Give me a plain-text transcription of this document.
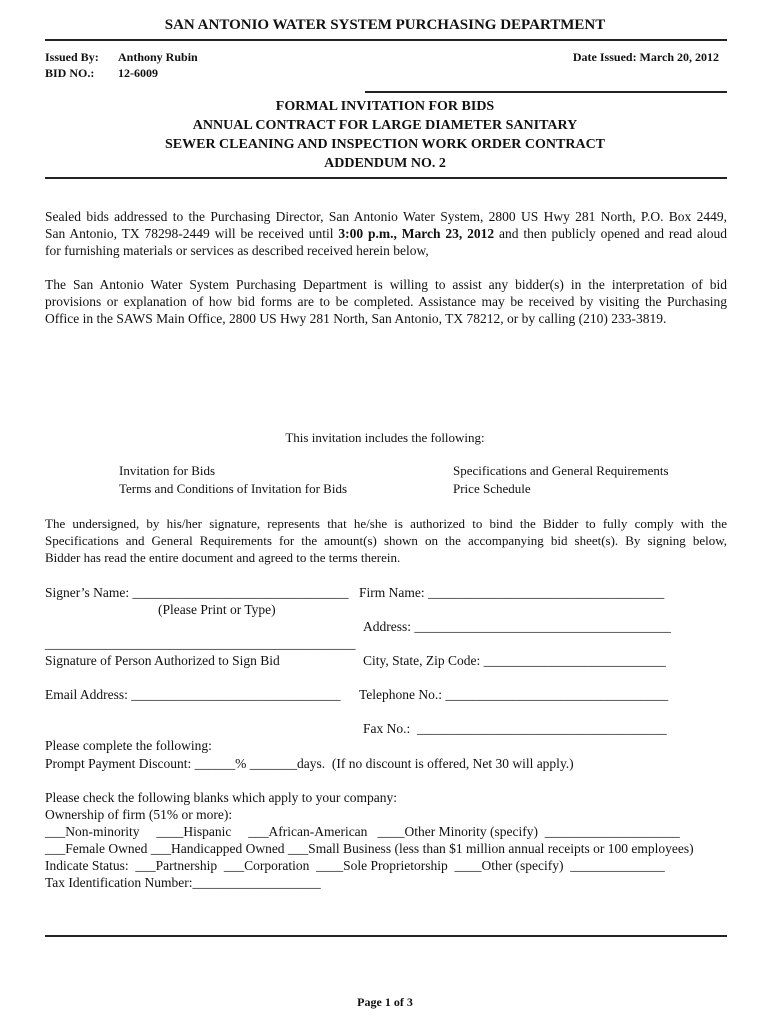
SAN ANTONIO WATER SYSTEM PURCHASING DEPARTMENT
Issued By: Anthony Rubin
BID NO.: 12-6009
Date Issued: March 20, 2012
FORMAL INVITATION FOR BIDS
ANNUAL CONTRACT FOR LARGE DIAMETER SANITARY
SEWER CLEANING AND INSPECTION WORK ORDER CONTRACT
ADDENDUM NO. 2
Sealed bids addressed to the Purchasing Director, San Antonio Water System, 2800 US Hwy 281 North, P.O. Box 2449,
San Antonio, TX 78298-2449 will be received until 3:00 p.m., March 23, 2012 and then publicly opened and read aloud
for furnishing materials or services as described received herein below,
The San Antonio Water System Purchasing Department is willing to assist any bidder(s) in the interpretation of bid
provisions or explanation of how bid forms are to be completed. Assistance may be received by visiting the Purchasing
Office in the SAWS Main Office, 2800 US Hwy 281 North, San Antonio, TX 78212, or by calling (210) 233-3819.
This invitation includes the following:
Invitation for Bids
Terms and Conditions of Invitation for Bids
Specifications and General Requirements
Price Schedule
The undersigned, by his/her signature, represents that he/she is authorized to bind the Bidder to fully comply with the
Specifications and General Requirements for the amount(s) shown on the accompanying bid sheet(s). By signing below,
Bidder has read the entire document and agreed to the terms therein.
Signer’s Name: ________________________________ Firm Name: ___________________________________
(Please Print or Type)
Address: ______________________________________
______________________________________________
Signature of Person Authorized to Sign Bid	City, State, Zip Code: ___________________________
Email Address: _______________________________ Telephone No.: _________________________________
Fax No.:  _____________________________________
Please complete the following:
Prompt Payment Discount: ______% _______days.  (If no discount is offered, Net 30 will apply.)
Please check the following blanks which apply to your company:
Ownership of firm (51% or more):
___Non-minority     ____Hispanic     ___African-American   ____Other Minority (specify)  ____________________
___Female Owned ___Handicapped Owned ___Small Business (less than $1 million annual receipts or 100 employees)
Indicate Status:  ___Partnership  ___Corporation  ____Sole Proprietorship  ____Other (specify)  ______________
Tax Identification Number:___________________
Page 1 of 3
